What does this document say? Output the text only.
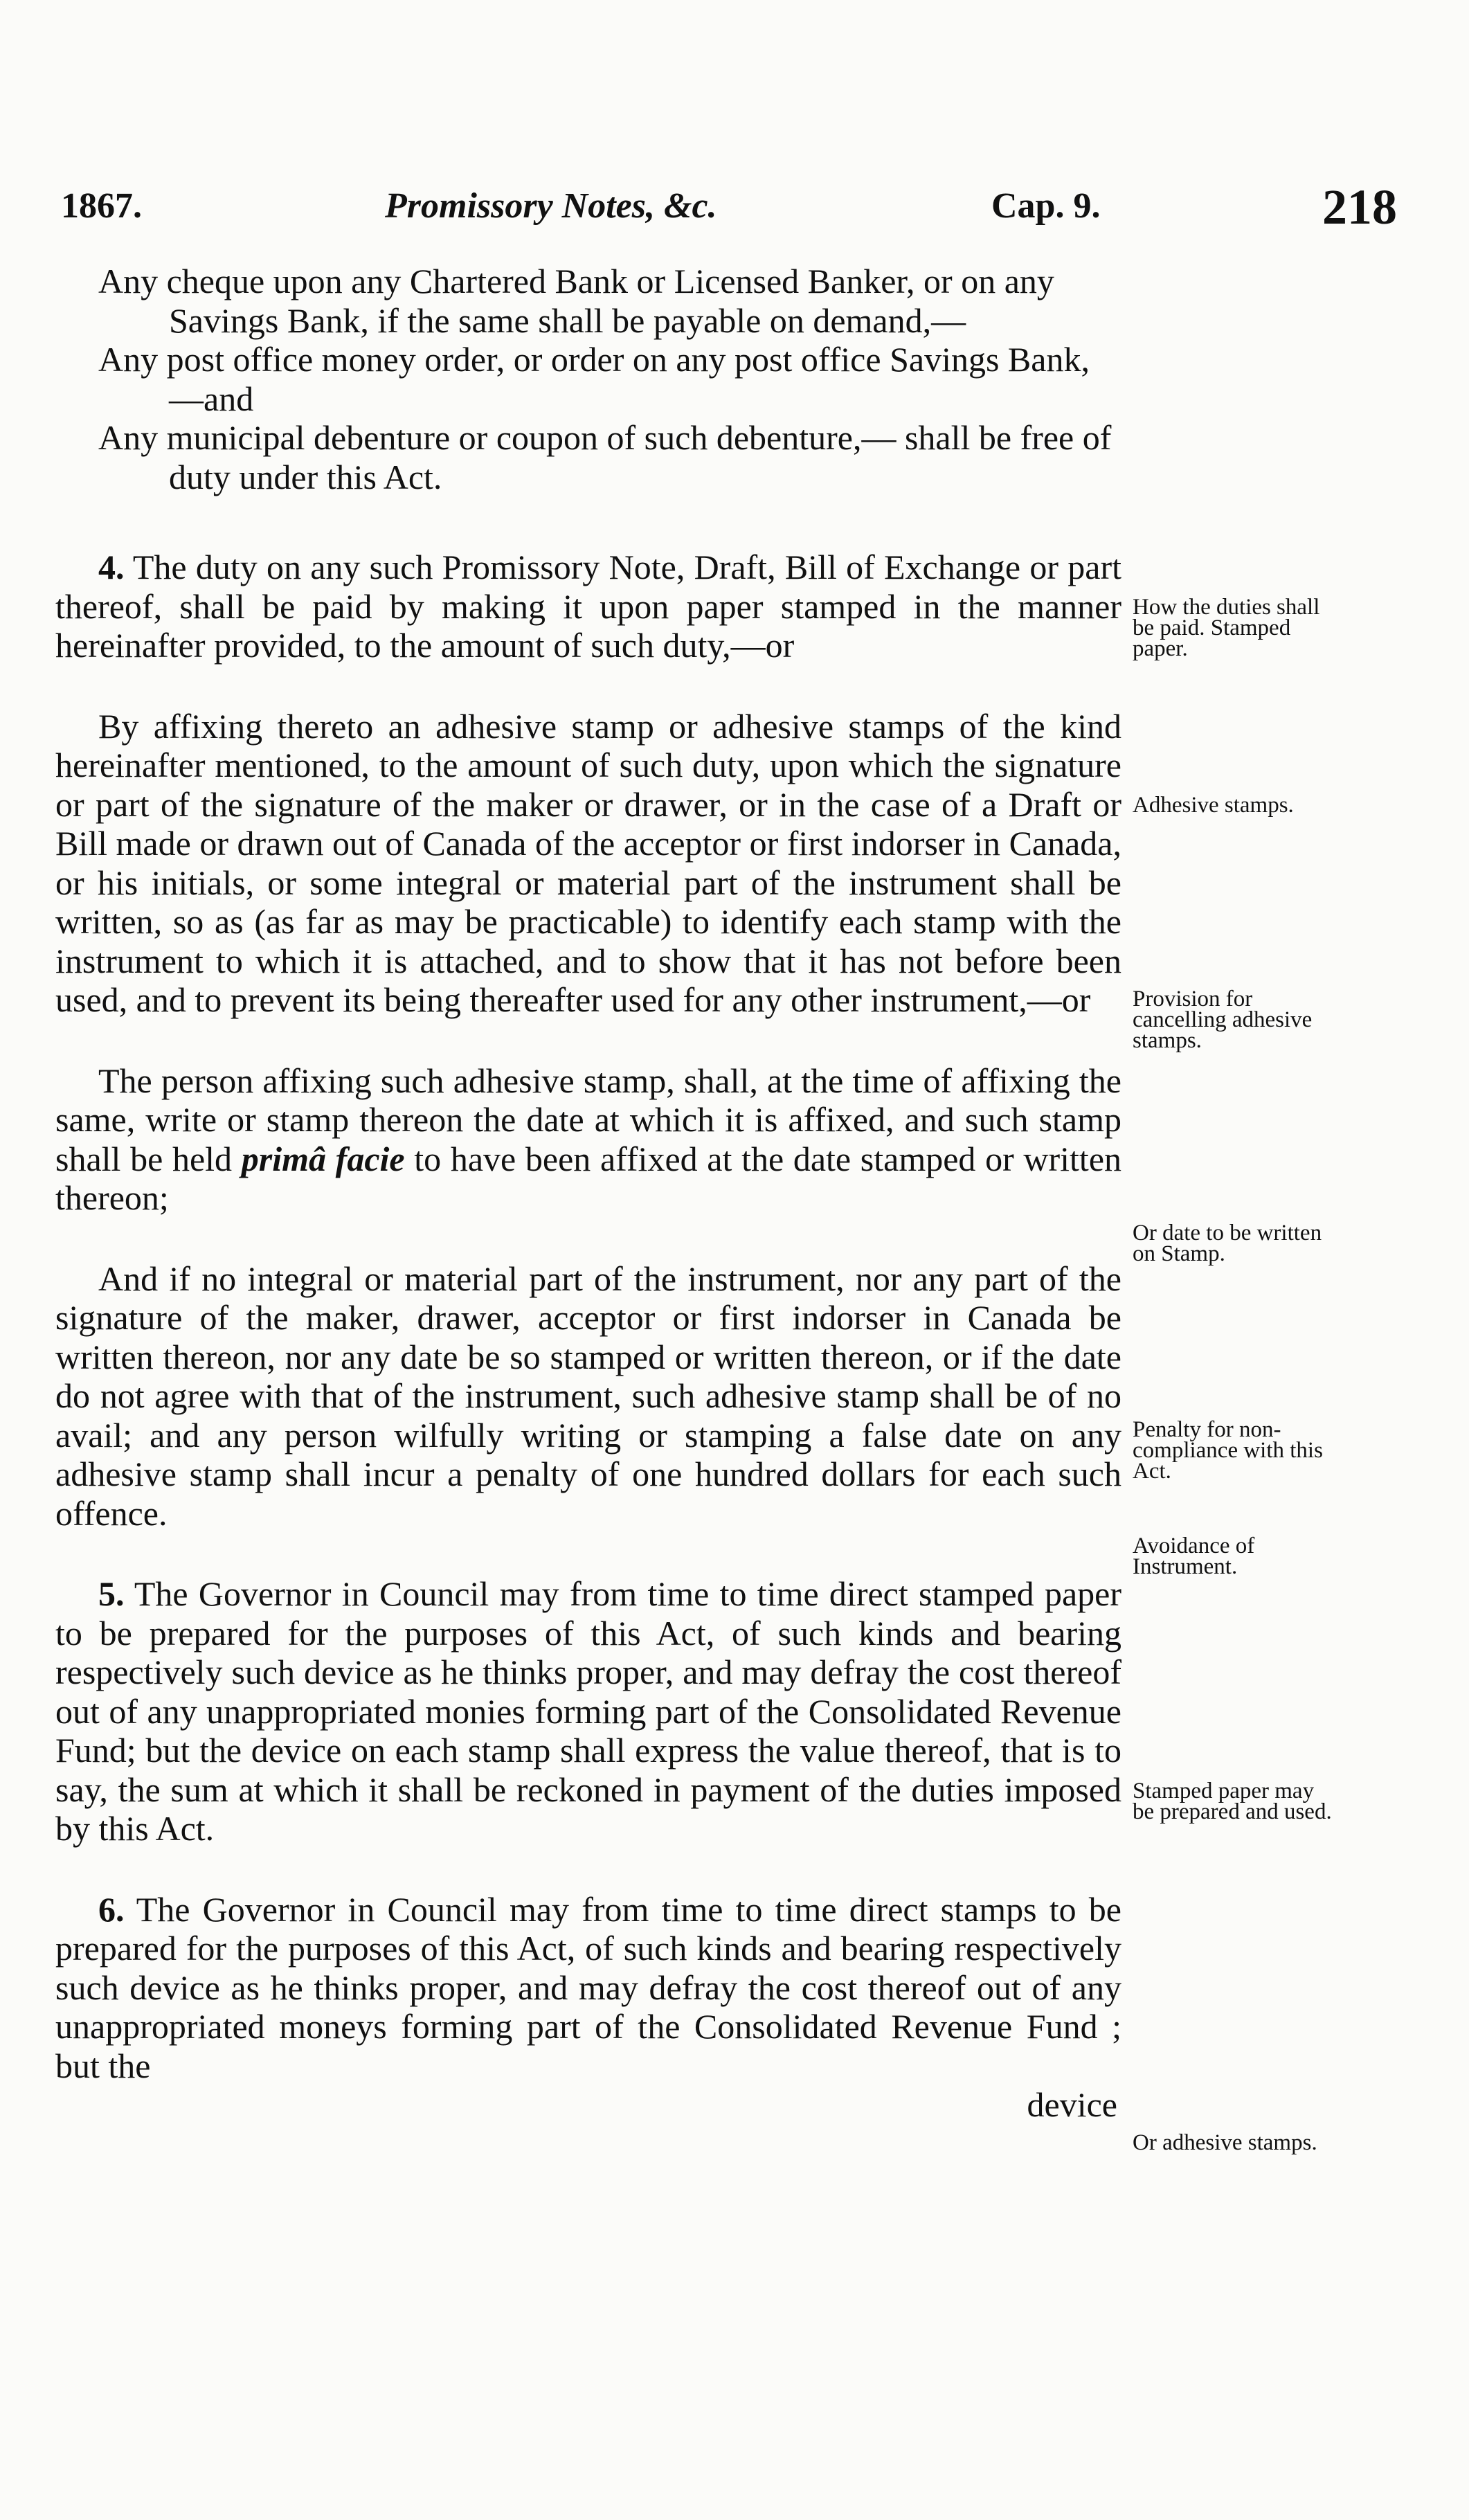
1867.	Promissory Notes, &c.	Cap. 9.	218
Any cheque upon any Chartered Bank or Licensed Banker, or on any Savings Bank, if the same shall be payable on demand,—
Any post office money order, or order on any post office Savings Bank,—and
Any municipal debenture or coupon of such debenture,— shall be free of duty under this Act.

4. The duty on any such Promissory Note, Draft, Bill of Exchange or part thereof, shall be paid by making it upon paper stamped in the manner hereinafter provided, to the amount of such duty,—or

By affixing thereto an adhesive stamp or adhesive stamps of the kind hereinafter mentioned, to the amount of such duty, upon which the signature or part of the signature of the maker or drawer, or in the case of a Draft or Bill made or drawn out of Canada of the acceptor or first indorser in Canada, or his initials, or some integral or material part of the instrument shall be written, so as (as far as may be practicable) to identify each stamp with the instrument to which it is attached, and to show that it has not before been used, and to prevent its being thereafter used for any other instrument,—or

The person affixing such adhesive stamp, shall, at the time of affixing the same, write or stamp thereon the date at which it is affixed, and such stamp shall be held primâ facie to have been affixed at the date stamped or written thereon;

And if no integral or material part of the instrument, nor any part of the signature of the maker, drawer, acceptor or first indorser in Canada be written thereon, nor any date be so stamped or written thereon, or if the date do not agree with that of the instrument, such adhesive stamp shall be of no avail; and any person wilfully writing or stamping a false date on any adhesive stamp shall incur a penalty of one hundred dollars for each such offence.

5. The Governor in Council may from time to time direct stamped paper to be prepared for the purposes of this Act, of such kinds and bearing respectively such device as he thinks proper, and may defray the cost thereof out of any unappropriated monies forming part of the Consolidated Revenue Fund; but the device on each stamp shall express the value thereof, that is to say, the sum at which it shall be reckoned in payment of the duties imposed by this Act.

6. The Governor in Council may from time to time direct stamps to be prepared for the purposes of this Act, of such kinds and bearing respectively such device as he thinks proper, and may defray the cost thereof out of any unappropriated moneys forming part of the Consolidated Revenue Fund ; but the

device
How the duties shall be paid. Stamped paper.
Adhesive stamps.
Provision for cancelling adhesive stamps.
Or date to be written on Stamp.
Penalty for non-compliance with this Act.
Avoidance of Instrument.
Stamped paper may be prepared and used.
Or adhesive stamps.
